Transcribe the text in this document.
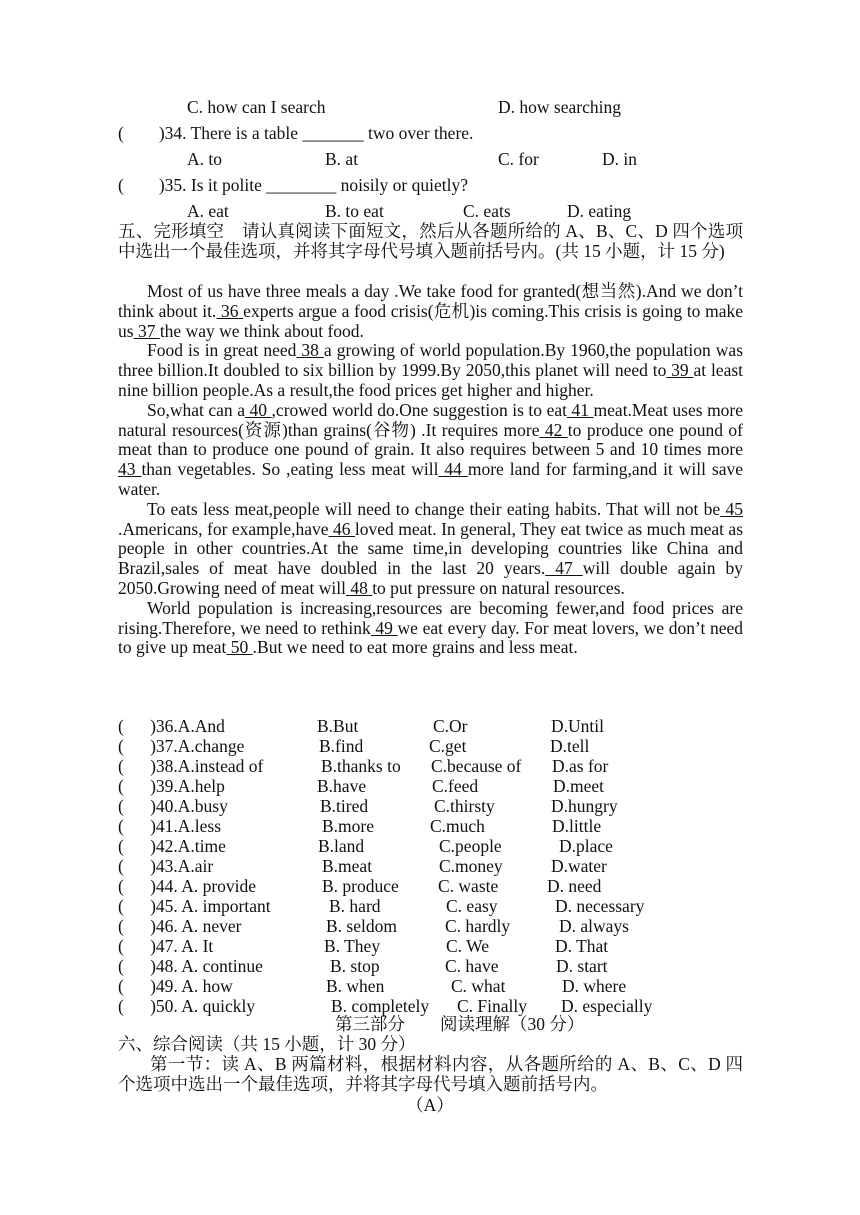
C. how can I search	D. how searching
(        )34. There is a table _______ two over there.
A. to	B. at	C. for	D. in
(        )35. Is it polite ________ noisily or quietly?
A. eat	B. to eat	C. eats	D. eating
五、完形填空　请认真阅读下面短文，然后从各题所给的 A、B、C、D 四个选项中选出一个最佳选项，并将其字母代号填入题前括号内。(共 15 小题，计 15 分)

Most of us have three meals a day .We take food for granted(想当然).And we don’t think about it. 36 experts argue a food crisis(危机)is coming.This crisis is going to make us 37 the way we think about food.

Food is in great need 38 a growing of world population.By 1960,the population was three billion.It doubled to six billion by 1999.By 2050,this planet will need to 39 at least nine billion people.As a result,the food prices get higher and higher.

So,what can a 40 ,crowed world do.One suggestion is to eat 41 meat.Meat uses more natural resources(资源)than grains(谷物) .It requires more 42 to produce one pound of meat than to produce one pound of grain. It also requires between 5 and 10 times more 43 than vegetables. So ,eating less meat will 44 more land for farming,and it will save water.

To eats less meat,people will need to change their eating habits. That will not be 45 .Americans, for example,have 46 loved meat. In general, They eat twice as much meat as people in other countries.At the same time,in developing countries like China and Brazil,sales of meat have doubled in the last 20 years. 47 will double again by 2050.Growing need of meat will 48 to put pressure on natural resources.

World population is increasing,resources are becoming fewer,and food prices are rising.Therefore, we need to rethink 49 we eat every day. For meat lovers, we don’t need to give up meat 50 .But we need to eat more grains and less meat.

(      )36.A.And	B.But	C.Or	D.Until
(      )37.A.change	B.find	C.get	D.tell
(      )38.A.instead of	B.thanks to C.because of D.as for
(      )39.A.help	B.have	C.feed	D.meet
(      )40.A.busy	B.tired	C.thirsty	D.hungry
(      )41.A.less	B.more	C.much	D.little
(      )42.A.time	B.land	C.people	D.place
(      )43.A.air	B.meat	C.money	D.water
(      )44. A. provide	B. produce C. waste	D. need
(      )45. A. important	B. hard	C. easy	D. necessary
(      )46. A. never	B. seldom	C. hardly	D. always
(      )47. A. It	B. They	C. We	D. That
(      )48. A. continue	B. stop	C. have	D. start
(      )49. A. how	B. when	C. what	D. where
(      )50. A. quickly	B. completely C. Finally D. especially
第三部分　　阅读理解（30 分）
六、综合阅读（共 15 小题，计 30 分）
第一节：读 A、B 两篇材料，根据材料内容，从各题所给的 A、B、C、D 四个选项中选出一个最佳选项，并将其字母代号填入题前括号内。
（A）
